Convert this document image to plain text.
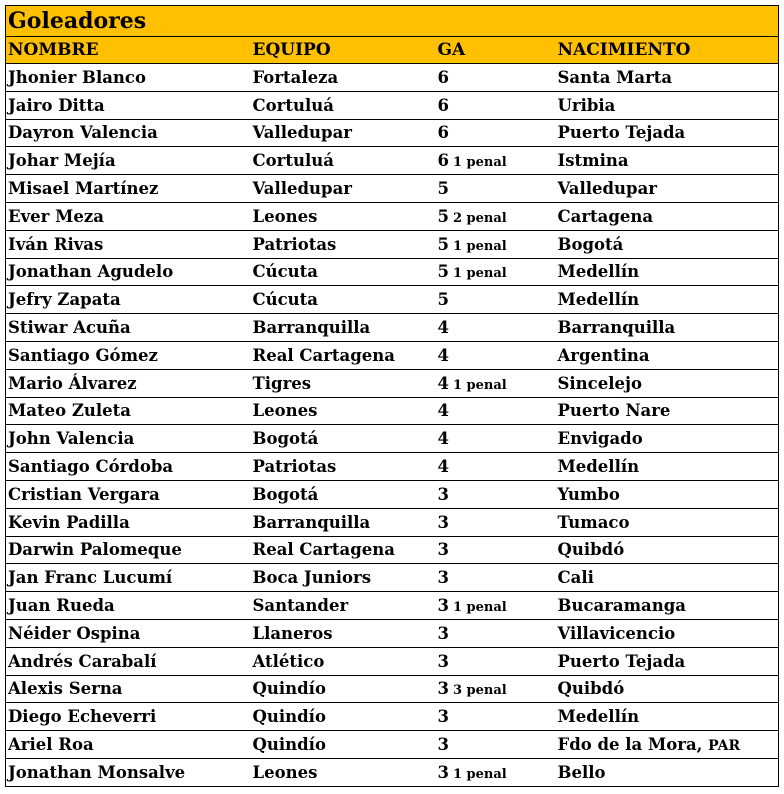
Goleadores			
NOMBRE	EQUIPO	GA	NACIMIENTO
Jhonier Blanco	Fortaleza	6	Santa Marta
Jairo Ditta	Cortuluá	6	Uribia
Dayron Valencia	Valledupar	6	Puerto Tejada
Johar Mejía	Cortuluá	6 1 penal	Istmina
Misael Martínez	Valledupar	5	Valledupar
Ever Meza	Leones	5 2 penal	Cartagena
Iván Rivas	Patriotas	5 1 penal	Bogotá
Jonathan Agudelo	Cúcuta	5 1 penal	Medellín
Jefry Zapata	Cúcuta	5	Medellín
Stiwar Acuña	Barranquilla	4	Barranquilla
Santiago Gómez	Real Cartagena	4	Argentina
Mario Álvarez	Tigres	4 1 penal	Sincelejo
Mateo Zuleta	Leones	4	Puerto Nare
John Valencia	Bogotá	4	Envigado
Santiago Córdoba	Patriotas	4	Medellín
Cristian Vergara	Bogotá	3	Yumbo
Kevin Padilla	Barranquilla	3	Tumaco
Darwin Palomeque	Real Cartagena	3	Quibdó
Jan Franc Lucumí	Boca Juniors	3	Cali
Juan Rueda	Santander	3 1 penal	Bucaramanga
Néider Ospina	Llaneros	3	Villavicencio
Andrés Carabalí	Atlético	3	Puerto Tejada
Alexis Serna	Quindío	3 3 penal	Quibdó
Diego Echeverri	Quindío	3	Medellín
Ariel Roa	Quindío	3	Fdo de la Mora, PAR
Jonathan Monsalve	Leones	3 1 penal	Bello
